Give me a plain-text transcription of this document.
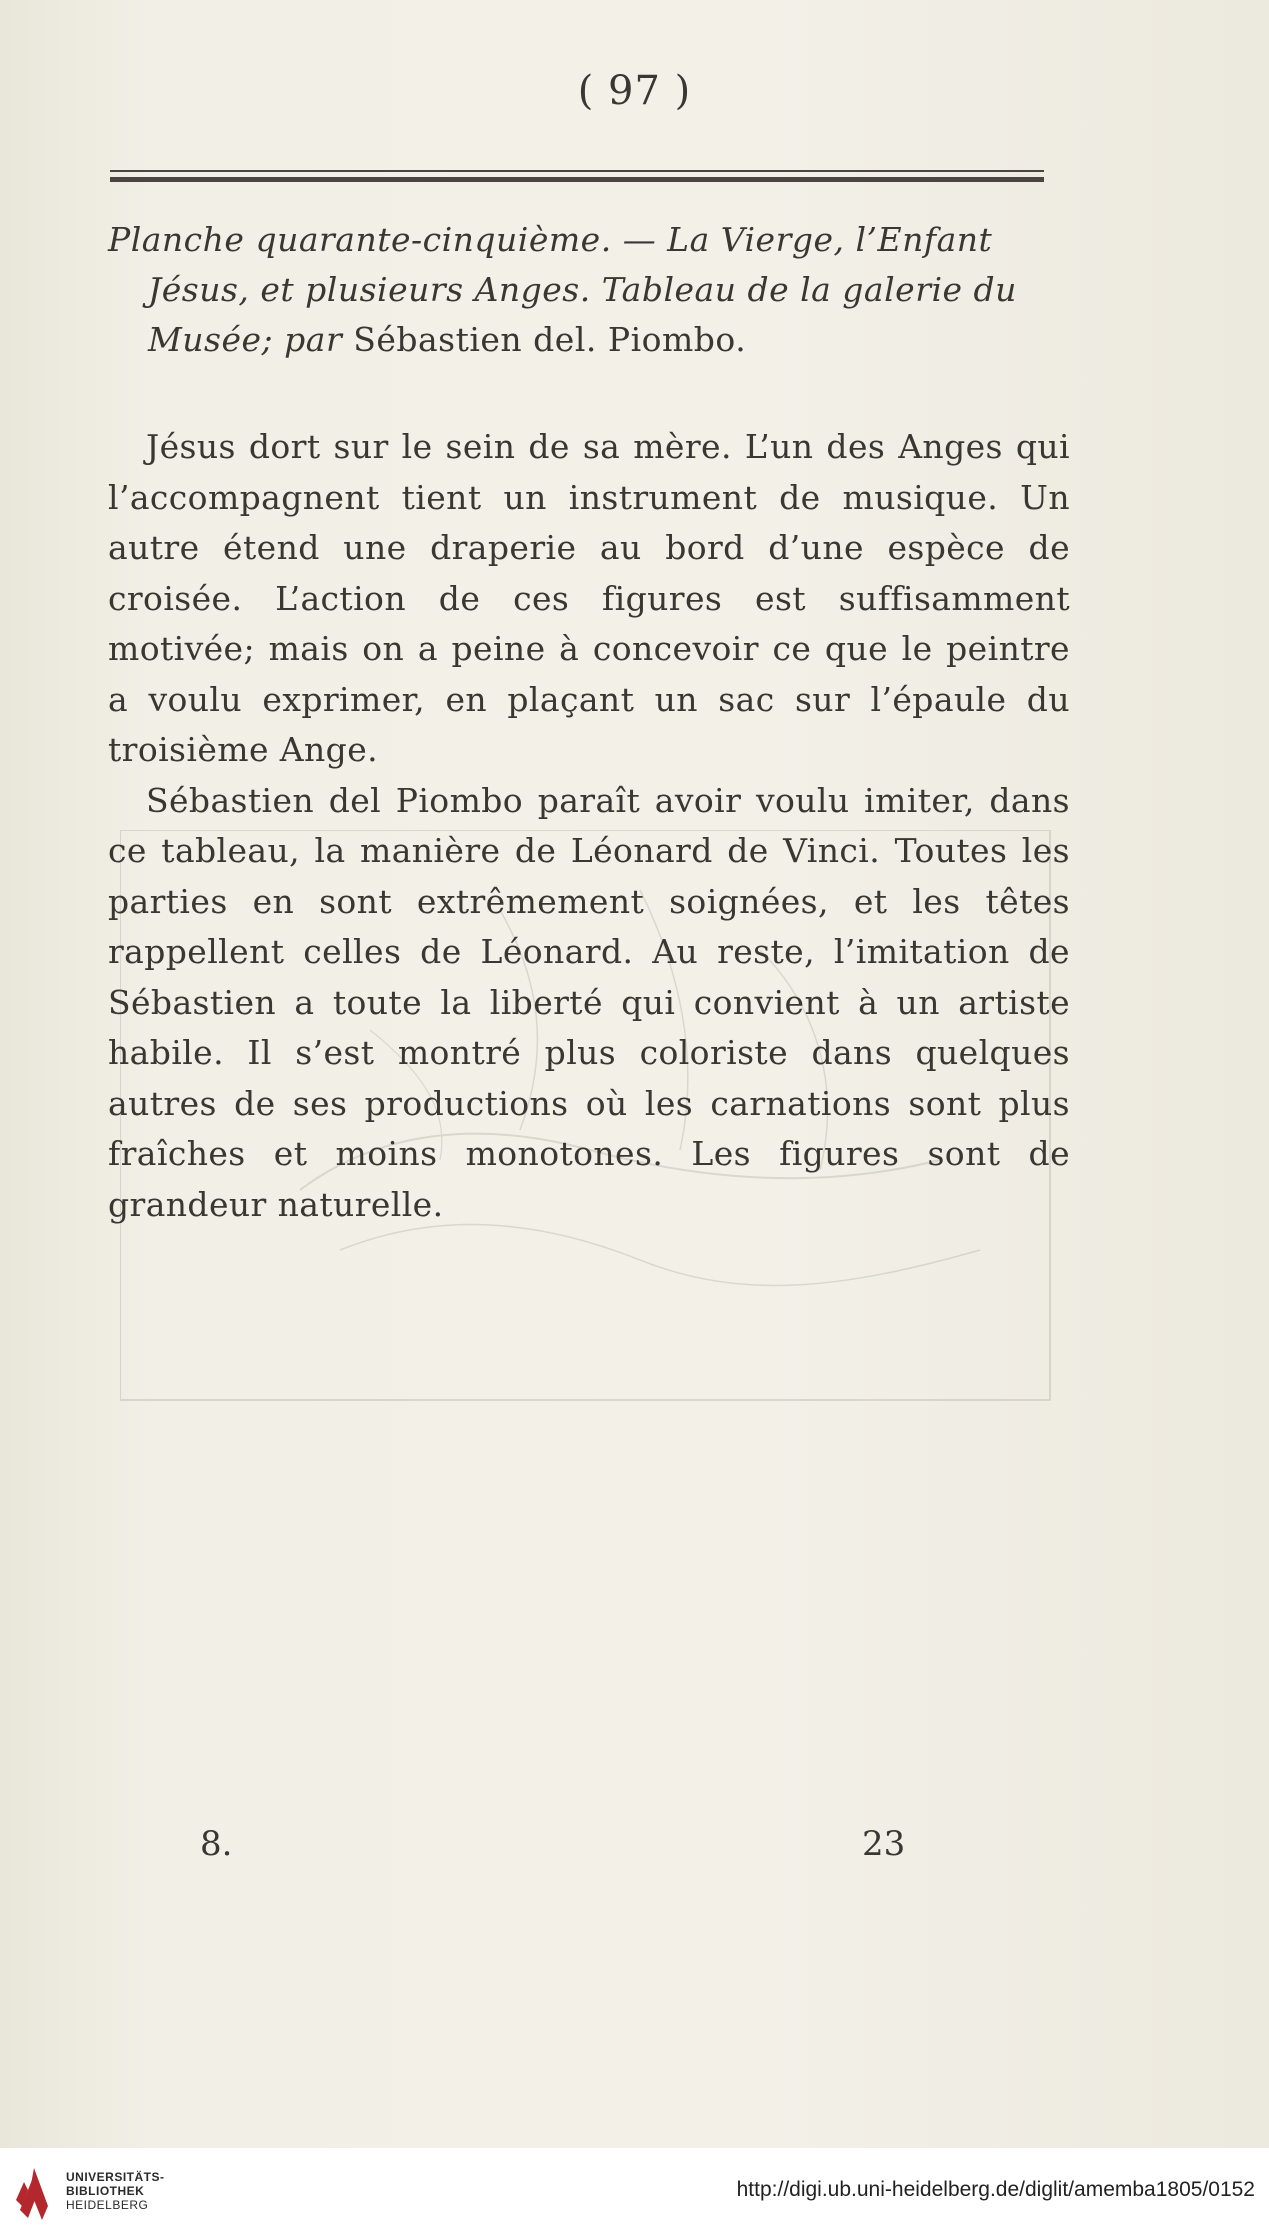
( 97 )
Planche quarante-cinquième. — La Vierge, l’Enfant
Jésus, et plusieurs Anges. Tableau de la galerie du
Musée; par Sébastien del. Piombo.

Jésus dort sur le sein de sa mère. L’un des Anges qui l’accompagnent tient un instrument de musique. Un autre étend une draperie au bord d’une espèce de croisée. L’action de ces figures est suffisamment motivée; mais on a peine à concevoir ce que le peintre a voulu exprimer, en plaçant un sac sur l’épaule du troisième Ange.

Sébastien del Piombo paraît avoir voulu imiter, dans ce tableau, la manière de Léonard de Vinci. Toutes les parties en sont extrêmement soignées, et les têtes rappellent celles de Léonard. Au reste, l’imitation de Sébastien a toute la liberté qui convient à un artiste habile. Il s’est montré plus coloriste dans quelques autres de ses productions où les carnations sont plus fraîches et moins monotones. Les figures sont de grandeur naturelle.

8.	23
UNIVERSITÄTS-
BIBLIOTHEK
HEIDELBERG
http://digi.ub.uni-heidelberg.de/diglit/amemba1805/0152
